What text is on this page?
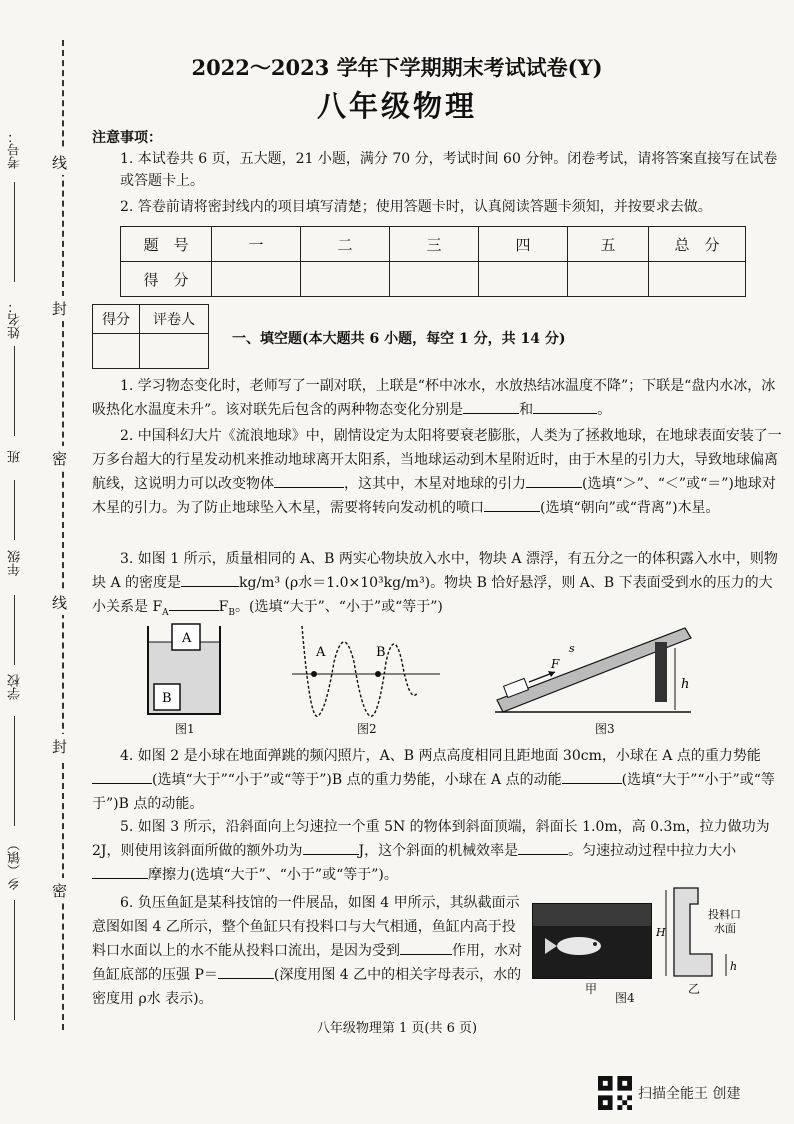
线
封
密
线
封
密
考号：
姓名：
班
年级
学校
乡（镇）
2022～2023 学年下学期期末考试试卷(Y)
八年级物理
注意事项：
1. 本试卷共 6 页，五大题，21 小题，满分 70 分，考试时间 60 分钟。闭卷考试，请将答案直接写在试卷或答题卡上。
2. 答卷前请将密封线内的项目填写清楚；使用答题卡时，认真阅读答题卡须知，并按要求去做。
题　号	一	二	三	四	五	总　分
得　分						
得分	评卷人

一、填空题(本大题共 6 小题，每空 1 分，共 14 分)
1. 学习物态变化时，老师写了一副对联，上联是“杯中冰水，水放热结冰温度不降”；下联是“盘内水冰，冰吸热化水温度未升”。该对联先后包含的两种物态变化分别是	和	。
2. 中国科幻大片《流浪地球》中，剧情设定为太阳将要衰老膨胀，人类为了拯救地球，在地球表面安装了一万多台超大的行星发动机来推动地球离开太阳系，当地球运动到木星附近时，由于木星的引力大，导致地球偏离航线，这说明力可以改变物体	，这其中，木星对地球的引力	(选填“＞”、“＜”或“＝”)地球对木星的引力。为了防止地球坠入木星，需要将转向发动机的喷口	(选填“朝向”或“背离”)木星。
3. 如图 1 所示，质量相同的 A、B 两实心物块放入水中，物块 A 漂浮，有五分之一的体积露入水中，则物块 A 的密度是	kg/m³ (ρ水＝1.0×10³kg/m³)。物块 B 恰好悬浮，则 A、B 下表面受到水的压力的大小关系是 $F_A$	$F_B$。(选填“大于”、“小于”或“等于”)
A
B
图1
A	B
图2
h
F
s
图3
4. 如图 2 是小球在地面弹跳的频闪照片，A、B 两点高度相同且距地面 30cm，小球在 A 点的重力势能(选填“大于”“小于”或“等于”)B 点的重力势能，小球在 A 点的动能	(选填“大于”“小于”或“等于”)B 点的动能。
5. 如图 3 所示，沿斜面向上匀速拉一个重 5N 的物体到斜面顶端，斜面长 1.0m，高 0.3m，拉力做功为 2J，则使用该斜面所做的额外功为	J，这个斜面的机械效率是	。匀速拉动过程中拉力大小摩擦力(选填“大于”、“小于”或“等于”)。
6. 负压鱼缸是某科技馆的一件展品，如图 4 甲所示，其纵截面示意图如图 4 乙所示，整个鱼缸只有投料口与大气相通，鱼缸内高于投料口水面以上的水不能从投料口流出，是因为受到	作用，水对鱼缸底部的压强 P＝	(深度用图 4 乙中的相关字母表示，水的密度用 ρ水 表示)。
甲
H
h
投料口
水面
乙
图4
八年级物理第 1 页(共 6 页)
扫描全能王 创建
